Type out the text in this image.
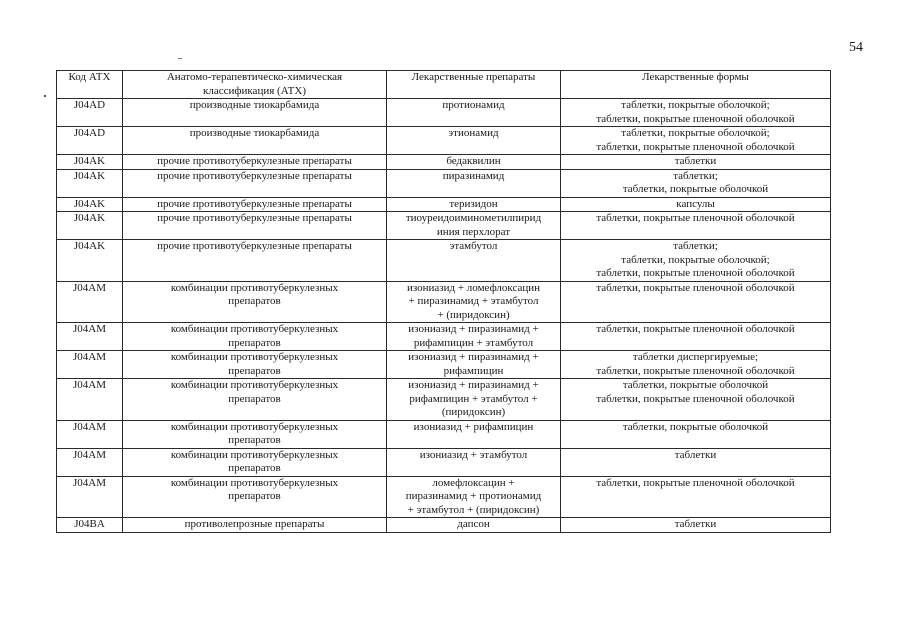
54
Код АТХ	Анатомо-терапевтическо-химическая
классификация (АТХ)	Лекарственные препараты	Лекарственные формы
J04AD	производные тиокарбамида	протионамид	таблетки, покрытые оболочкой;
таблетки, покрытые пленочной оболочкой
J04AD	производные тиокарбамида	этионамид	таблетки, покрытые оболочкой;
таблетки, покрытые пленочной оболочкой
J04AK	прочие противотуберкулезные препараты	бедаквилин	таблетки
J04AK	прочие противотуберкулезные препараты	пиразинамид	таблетки;
таблетки, покрытые оболочкой
J04AK	прочие противотуберкулезные препараты	теризидон	капсулы
J04AK	прочие противотуберкулезные препараты	тиоуреидоиминометилпирид
иния перхлорат	таблетки, покрытые пленочной оболочкой
J04AK	прочие противотуберкулезные препараты	этамбутол	таблетки;
таблетки, покрытые оболочкой;
таблетки, покрытые пленочной оболочкой
J04AM	комбинации противотуберкулезных
препаратов	изониазид + ломефлоксацин
+ пиразинамид + этамбутол
+ (пиридоксин)	таблетки, покрытые пленочной оболочкой
J04AM	комбинации противотуберкулезных
препаратов	изониазид + пиразинамид +
рифампицин + этамбутол	таблетки, покрытые пленочной оболочкой
J04AM	комбинации противотуберкулезных
препаратов	изониазид + пиразинамид +
рифампицин	таблетки диспергируемые;
таблетки, покрытые пленочной оболочкой
J04AM	комбинации противотуберкулезных
препаратов	изониазид + пиразинамид +
рифампицин + этамбутол +
(пиридоксин)	таблетки, покрытые оболочкой
таблетки, покрытые пленочной оболочкой
J04AM	комбинации противотуберкулезных
препаратов	изониазид + рифампицин	таблетки, покрытые оболочкой
J04AM	комбинации противотуберкулезных
препаратов	изониазид + этамбутол	таблетки
J04AM	комбинации противотуберкулезных
препаратов	ломефлоксацин +
пиразинамид + протионамид
+ этамбутол + (пиридоксин)	таблетки, покрытые пленочной оболочкой
J04BA	противолепрозные препараты	дапсон	таблетки
